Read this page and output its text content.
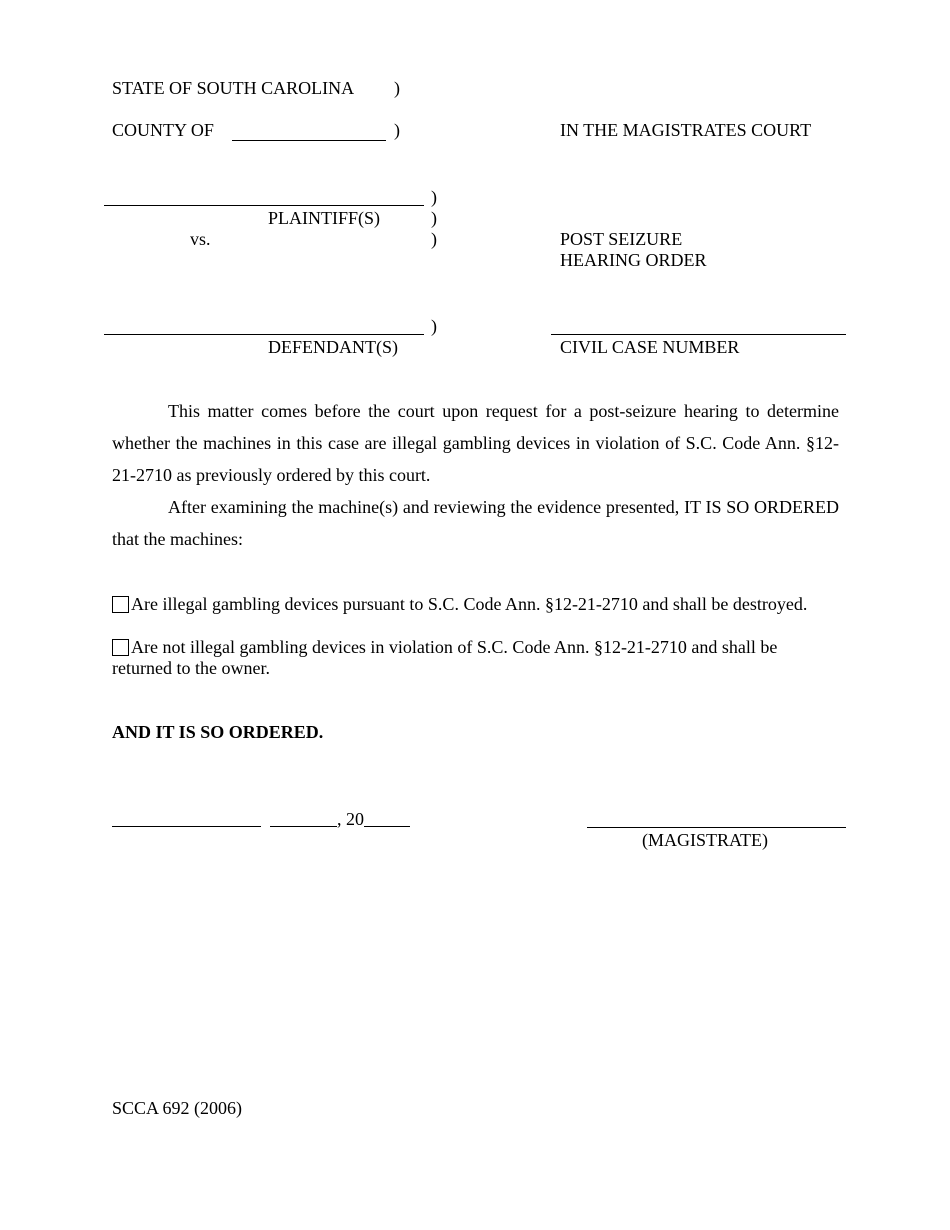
STATE OF SOUTH CAROLINA )
COUNTY OF	)	IN THE MAGISTRATES COURT
)
PLAINTIFF(S)	)
vs.	)	POST SEIZURE
HEARING ORDER
)
DEFENDANT(S)	CIVIL CASE NUMBER
This matter comes before the court upon request for a post-seizure hearing to determine whether the machines in this case are illegal gambling devices in violation of S.C. Code Ann. §12-21-2710 as previously ordered by this court.
After examining the machine(s) and reviewing the evidence presented, IT IS SO ORDERED that the machines:
Are illegal gambling devices pursuant to S.C. Code Ann. §12-21-2710 and shall be destroyed.
Are not illegal gambling devices in violation of S.C. Code Ann. §12-21-2710 and shall be returned to the owner.
AND IT IS SO ORDERED.
, 20
(MAGISTRATE)
SCCA 692 (2006)
